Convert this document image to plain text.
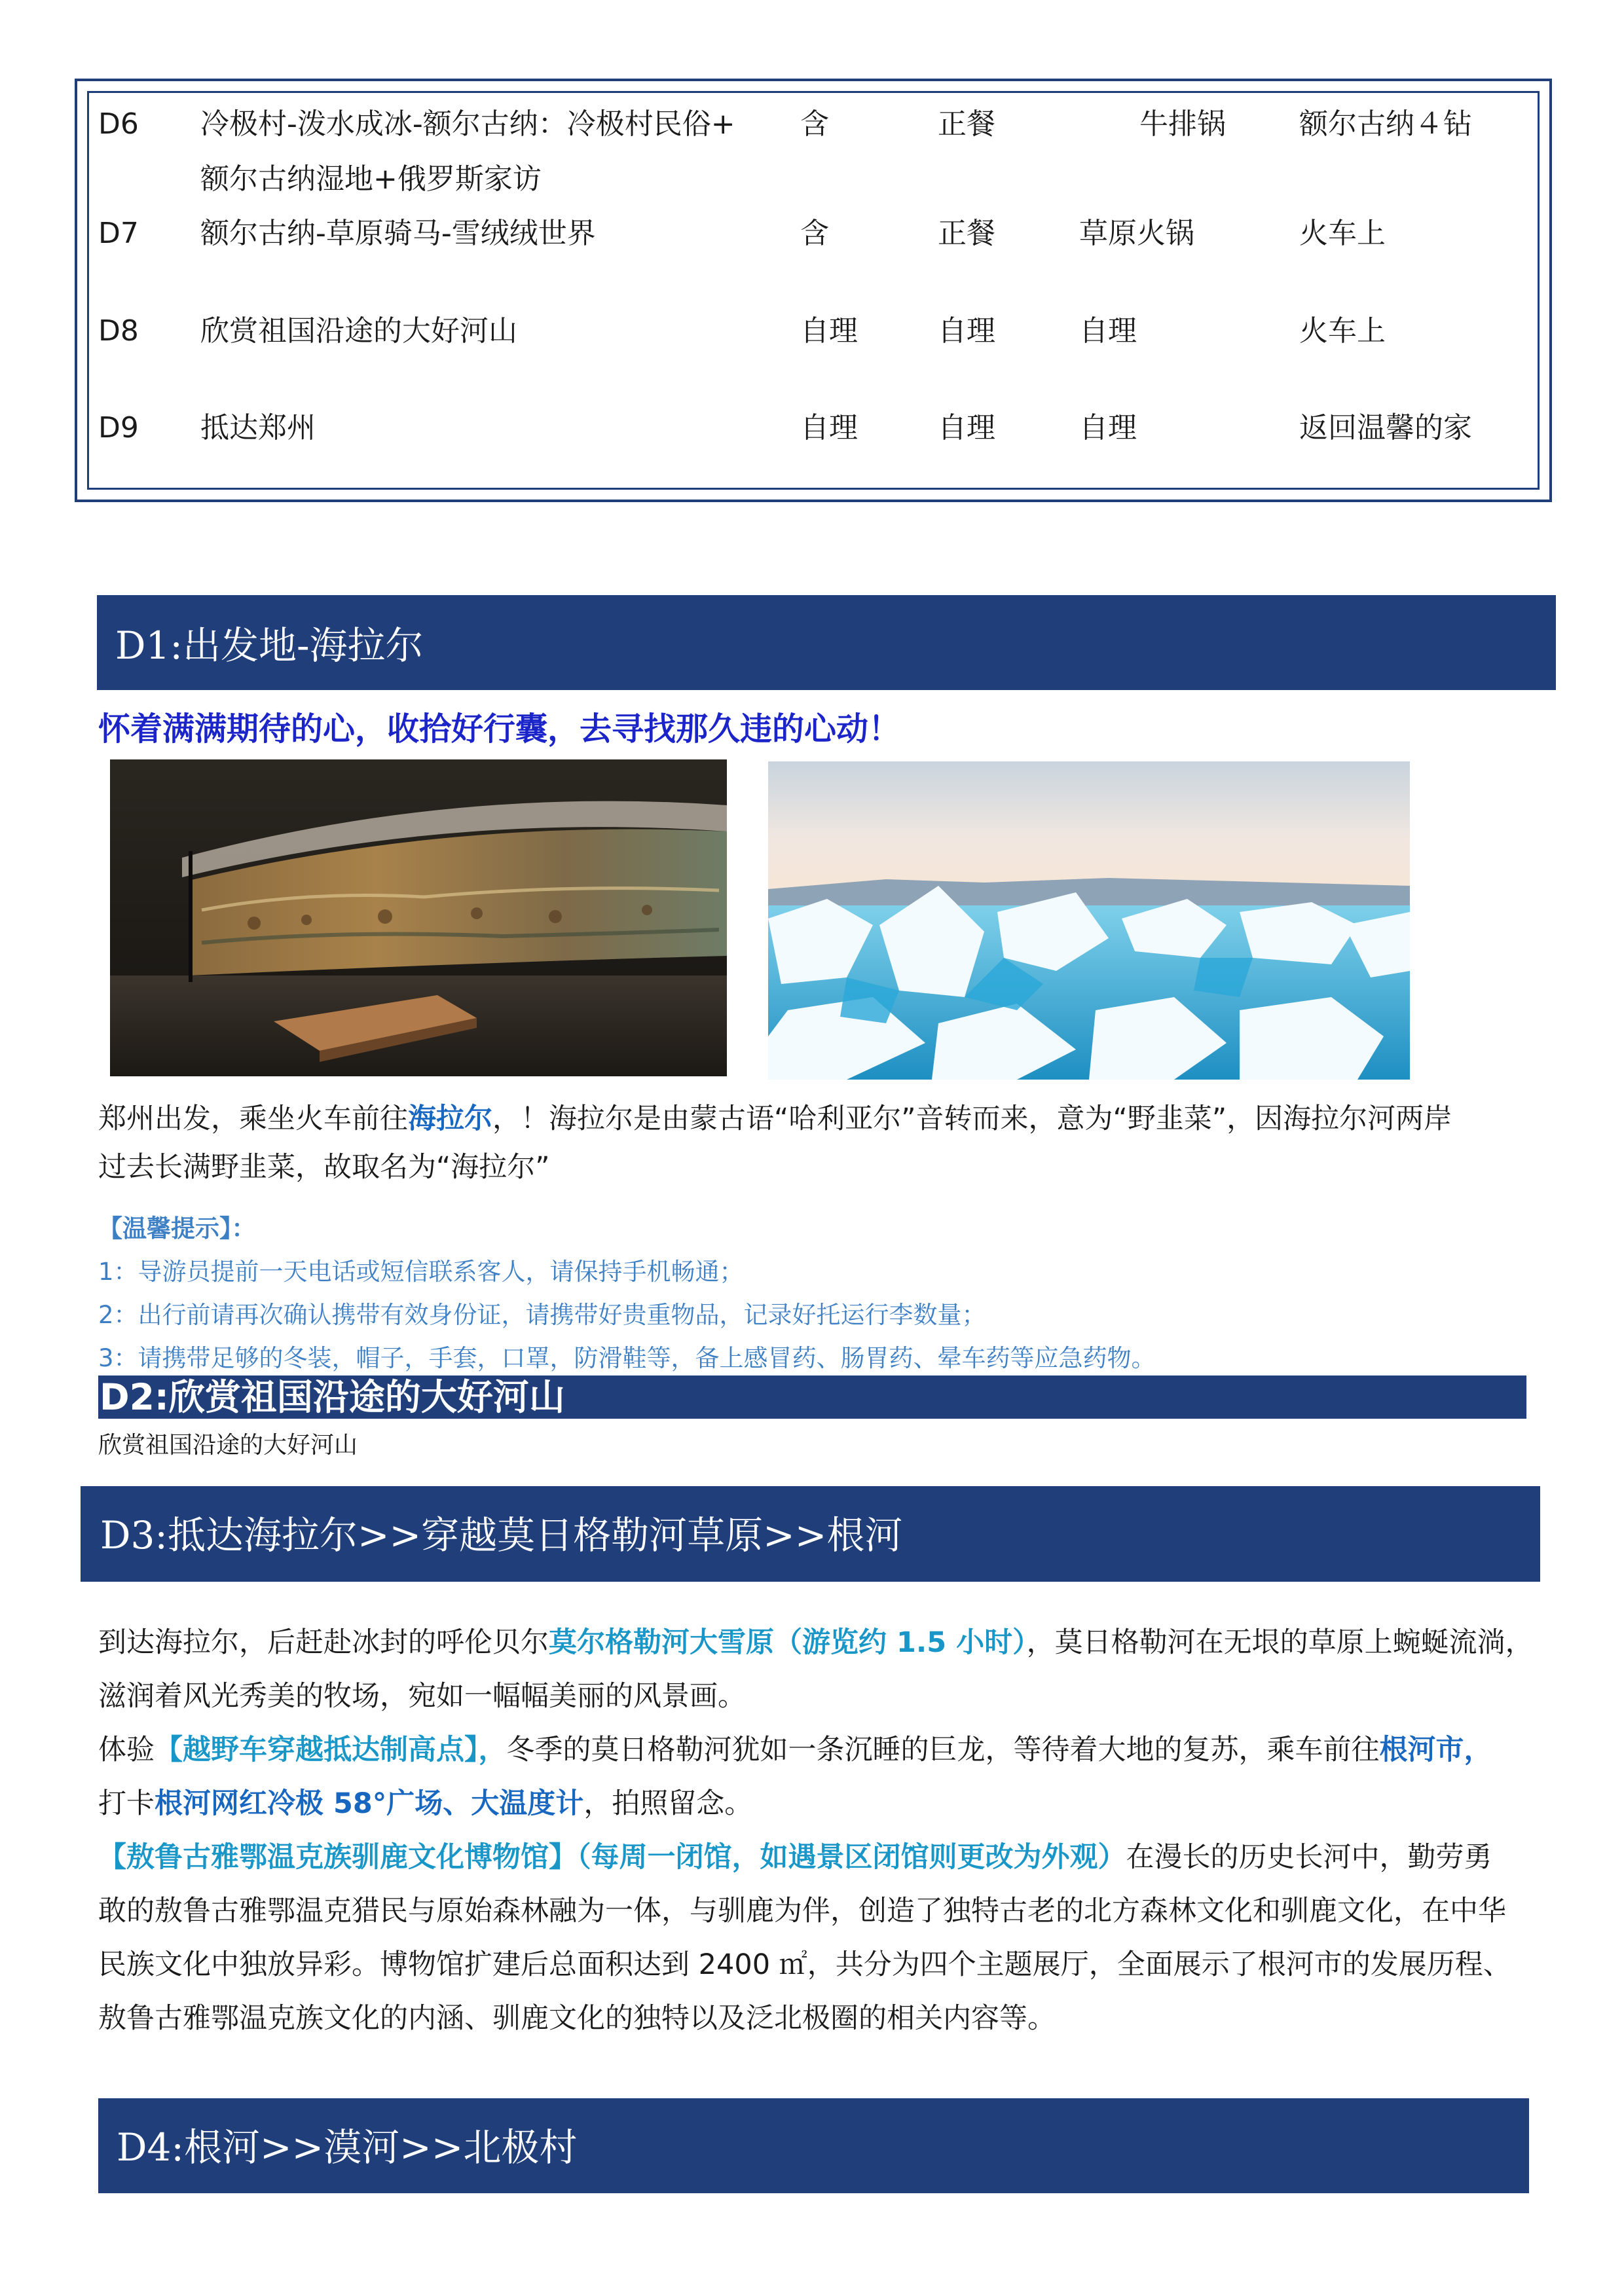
D6 冷极村-泼水成冰-额尔古纳：冷极村民俗+
额尔古纳湿地+俄罗斯家访
含	正餐	牛排锅	额尔古纳４钻
D7 额尔古纳-草原骑马-雪绒绒世界	含	正餐	草原火锅	火车上
D8 欣赏祖国沿途的大好河山	自理	自理	自理	火车上
D9 抵达郑州	自理	自理	自理	返回温馨的家
D1:出发地-海拉尔
怀着满满期待的心，收拾好行囊，去寻找那久违的心动！
郑州出发，乘坐火车前往海拉尔，！海拉尔是由蒙古语“哈利亚尔”音转而来，意为“野韭菜”，因海拉尔河两岸
过去长满野韭菜，故取名为“海拉尔”
【温馨提示】：
1：导游员提前一天电话或短信联系客人，请保持手机畅通；
2：出行前请再次确认携带有效身份证，请携带好贵重物品，记录好托运行李数量；
3：请携带足够的冬装，帽子，手套，口罩，防滑鞋等，备上感冒药、肠胃药、晕车药等应急药物。
D2:欣赏祖国沿途的大好河山
欣赏祖国沿途的大好河山
D3:抵达海拉尔>>穿越莫日格勒河草原>>根河
到达海拉尔，后赶赴冰封的呼伦贝尔莫尔格勒河大雪原（游览约 1.5 小时），莫日格勒河在无垠的草原上蜿蜒流淌，
滋润着风光秀美的牧场，宛如一幅幅美丽的风景画。
体验【越野车穿越抵达制高点】，冬季的莫日格勒河犹如一条沉睡的巨龙，等待着大地的复苏，乘车前往根河市，
打卡根河网红冷极 58°广场、大温度计，拍照留念。
【敖鲁古雅鄂温克族驯鹿文化博物馆】（每周一闭馆，如遇景区闭馆则更改为外观）在漫长的历史长河中，勤劳勇
敢的敖鲁古雅鄂温克猎民与原始森林融为一体，与驯鹿为伴，创造了独特古老的北方森林文化和驯鹿文化，在中华
民族文化中独放异彩。博物馆扩建后总面积达到 2400 ㎡，共分为四个主题展厅，全面展示了根河市的发展历程、
敖鲁古雅鄂温克族文化的内涵、驯鹿文化的独特以及泛北极圈的相关内容等。
D4:根河>>漠河>>北极村
